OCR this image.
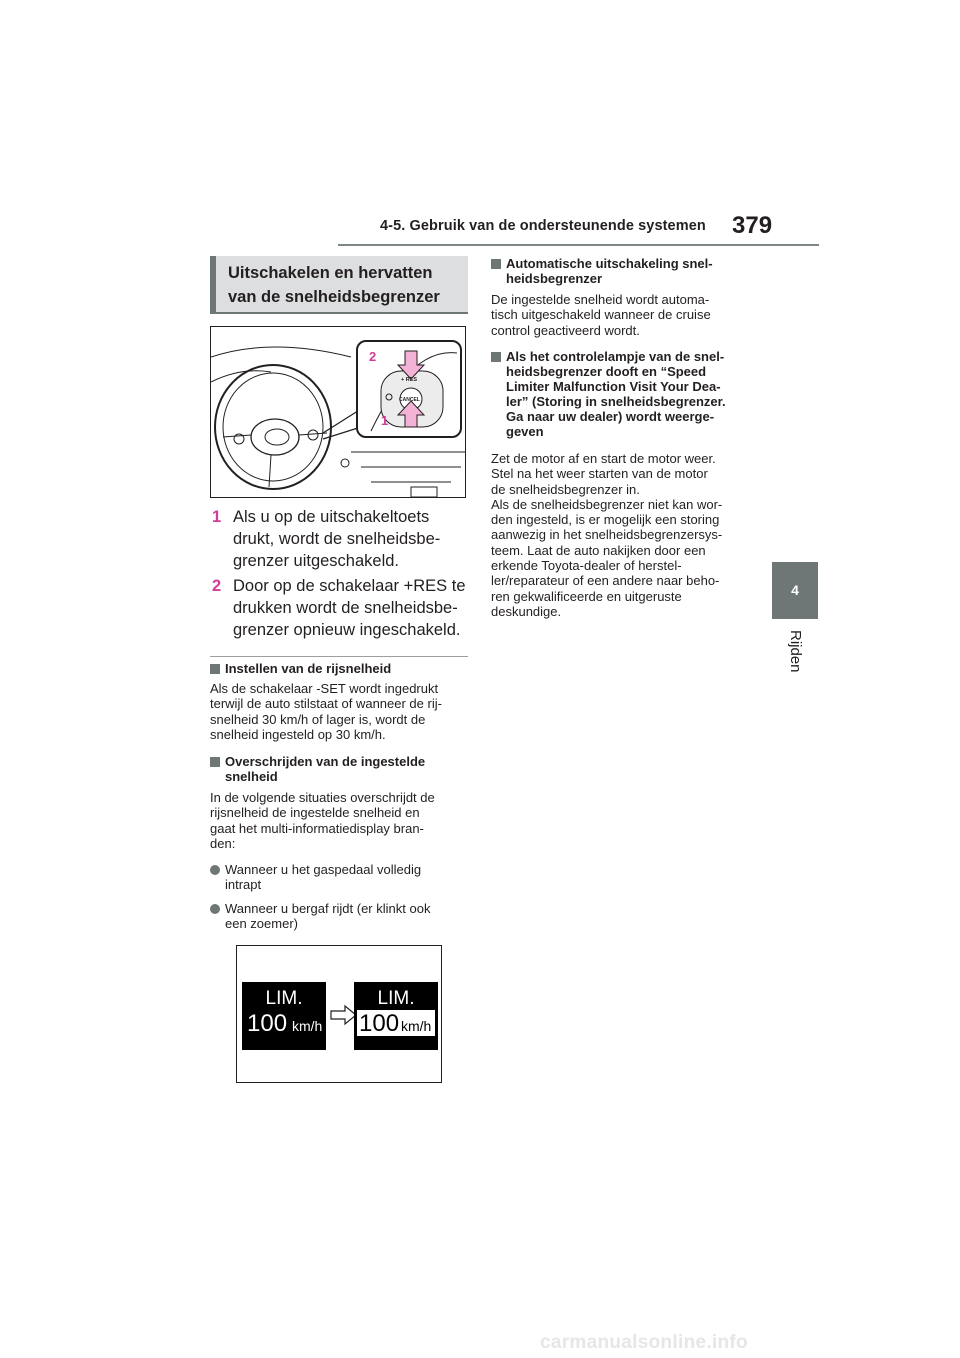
4-5. Gebruik van de ondersteunende systemen 379
4
Rijden
Uitschakelen en hervatten
van de snelheidsbegrenzer
2
1
+ RES
CANCEL
1 Als u op de uitschakeltoets
drukt, wordt de snelheidsbe-
grenzer uitgeschakeld.
2 Door op de schakelaar +RES te
drukken wordt de snelheidsbe-
grenzer opnieuw ingeschakeld.
Instellen van de rijsnelheid
Als de schakelaar -SET wordt ingedrukt
terwijl de auto stilstaat of wanneer de rij-
snelheid 30 km/h of lager is, wordt de
snelheid ingesteld op 30 km/h.
Overschrijden van de ingestelde
snelheid
In de volgende situaties overschrijdt de
rijsnelheid de ingestelde snelheid en
gaat het multi-informatiedisplay bran-
den:
Wanneer u het gaspedaal volledig
intrapt
Wanneer u bergaf rijdt (er klinkt ook
een zoemer)
LIM.
100 km/h
LIM.
100 km/h
Automatische uitschakeling snel-
heidsbegrenzer
De ingestelde snelheid wordt automa-
tisch uitgeschakeld wanneer de cruise
control geactiveerd wordt.
Als het controlelampje van de snel-
heidsbegrenzer dooft en “Speed
Limiter Malfunction Visit Your Dea-
ler” (Storing in snelheidsbegrenzer.
Ga naar uw dealer) wordt weerge-
geven
Zet de motor af en start de motor weer.
Stel na het weer starten van de motor
de snelheidsbegrenzer in.
Als de snelheidsbegrenzer niet kan wor-
den ingesteld, is er mogelijk een storing
aanwezig in het snelheidsbegrenzersys-
teem. Laat de auto nakijken door een
erkende Toyota-dealer of herstel-
ler/reparateur of een andere naar beho-
ren gekwalificeerde en uitgeruste
deskundige.
carmanualsonline.info
